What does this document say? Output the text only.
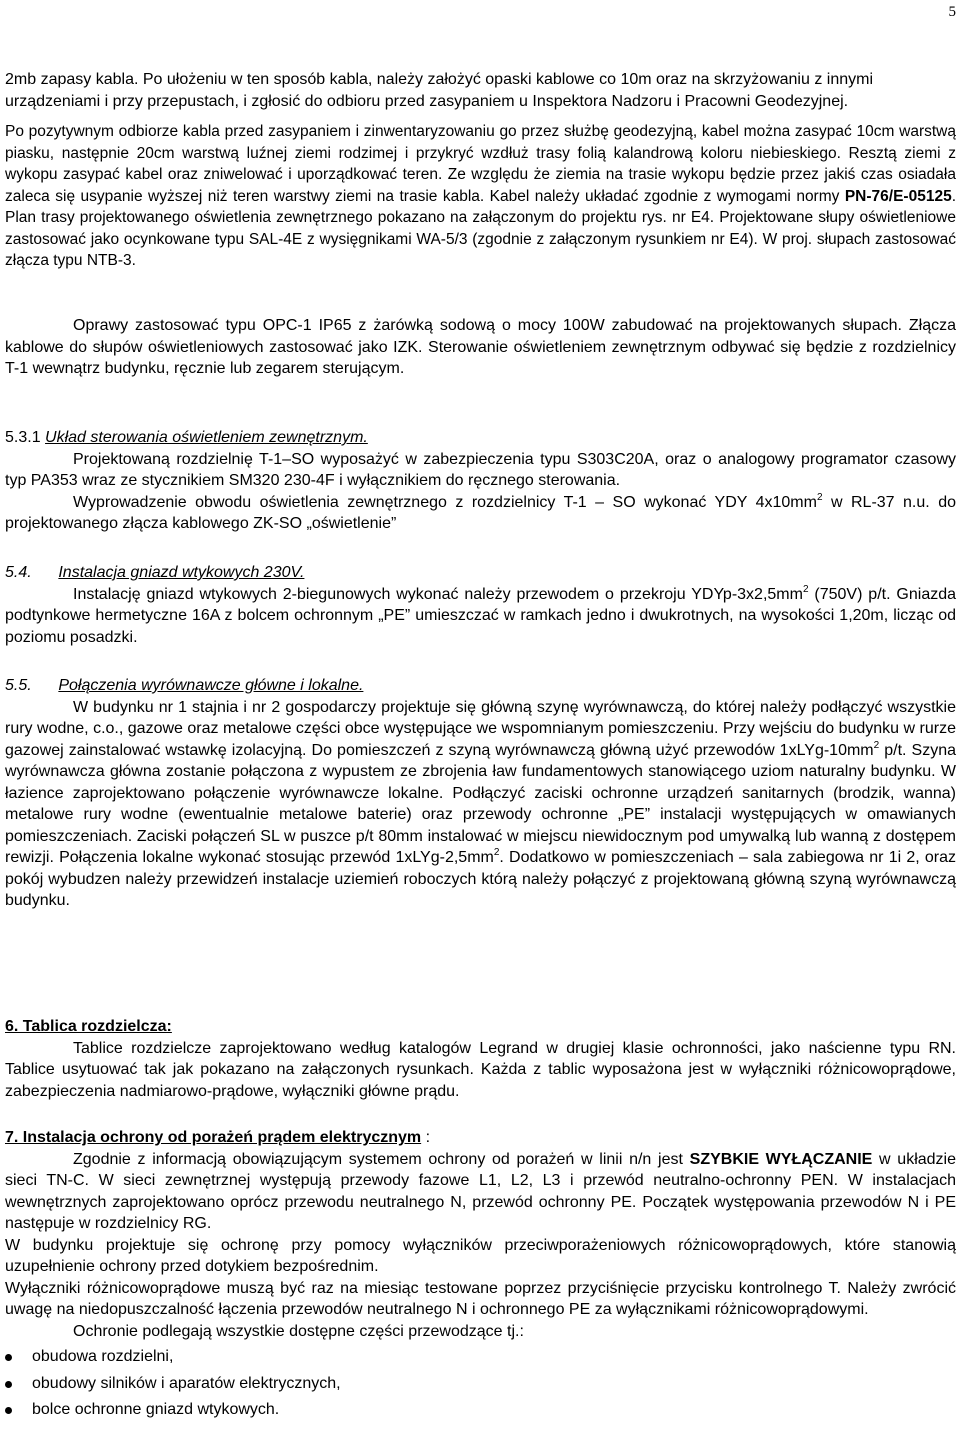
5

2mb zapasy kabla. Po ułożeniu w ten sposób kabla, należy założyć opaski kablowe co 10m oraz na skrzyżowaniu z innymi urządzeniami i przy przepustach, i zgłosić do odbioru przed zasypaniem u Inspektora Nadzoru i Pracowni Geodezyjnej.

Po pozytywnym odbiorze kabla przed zasypaniem i zinwentaryzowaniu go przez służbę geodezyjną, kabel można zasypać 10cm warstwą piasku, następnie 20cm warstwą luźnej ziemi rodzimej i przykryć wzdłuż trasy folią kalandrową koloru niebieskiego. Resztą ziemi z wykopu zasypać kabel oraz zniwelować i uporządkować teren. Ze względu że ziemia na trasie wykopu będzie przez jakiś czas osiadała zaleca się usypanie wyższej niż teren warstwy ziemi na trasie kabla. Kabel należy układać zgodnie z wymogami normy PN-76/E-05125. Plan trasy projektowanego oświetlenia zewnętrznego pokazano na załączonym do projektu rys. nr E4. Projektowane słupy oświetleniowe zastosować jako ocynkowane typu SAL-4E z wysięgnikami WA-5/3 (zgodnie z załączonym rysunkiem nr E4). W proj. słupach zastosować złącza typu NTB-3.

Oprawy zastosować typu OPC-1 IP65 z żarówką sodową o mocy 100W zabudować na projektowanych słupach. Złącza kablowe do słupów oświetleniowych zastosować jako IZK. Sterowanie oświetleniem zewnętrznym odbywać się będzie z rozdzielnicy T-1 wewnątrz budynku, ręcznie lub zegarem sterującym.

5.3.1 Układ sterowania oświetleniem zewnętrznym.

Projektowaną rozdzielnię T-1–SO wyposażyć w zabezpieczenia typu S303C20A, oraz o analogowy programator czasowy typ PA353 wraz ze stycznikiem SM320 230-4F i wyłącznikiem do ręcznego sterowania.

Wyprowadzenie obwodu oświetlenia zewnętrznego z rozdzielnicy T-1 – SO wykonać YDY $4x10mm^2$ w RL-37 n.u. do projektowanego złącza kablowego ZK-SO „oświetlenie”

5.4. Instalacja gniazd wtykowych 230V.

Instalację gniazd wtykowych 2-biegunowych wykonać należy przewodem o przekroju YDYp-$3x2,5mm^2$ (750V) p/t. Gniazda podtynkowe hermetyczne 16A z bolcem ochronnym „PE” umieszczać w ramkach jedno i dwukrotnych, na wysokości 1,20m, licząc od poziomu posadzki.

5.5. Połączenia wyrównawcze główne i lokalne.

W budynku nr 1 stajnia i nr 2 gospodarczy projektuje się główną szynę wyrównawczą, do której należy podłączyć wszystkie rury wodne, c.o., gazowe oraz metalowe części obce występujące we wspomnianym pomieszczeniu. Przy wejściu do budynku w rurze gazowej zainstalować wstawkę izolacyjną. Do pomieszczeń z szyną wyrównawczą główną użyć przewodów $1xLYg-10mm^2$ p/t. Szyna wyrównawcza główna zostanie połączona z wypustem ze zbrojenia ław fundamentowych stanowiącego uziom naturalny budynku. W łazience zaprojektowano połączenie wyrównawcze lokalne. Podłączyć zaciski ochronne urządzeń sanitarnych (brodzik, wanna) metalowe rury wodne (ewentualnie metalowe baterie) oraz przewody ochronne „PE” instalacji występujących w omawianych pomieszczeniach. Zaciski połączeń SL w puszce p/t 80mm instalować w miejscu niewidocznym pod umywalką lub wanną z dostępem rewizji. Połączenia lokalne wykonać stosując przewód $1xLYg-2,5mm^2$. Dodatkowo w pomieszczeniach – sala zabiegowa nr 1i 2, oraz pokój wybudzen należy przewidzeń instalacje uziemień roboczych którą należy połączyć z projektowaną główną szyną wyrównawczą budynku.

6. Tablica rozdzielcza:

Tablice rozdzielcze zaprojektowano według katalogów Legrand w drugiej klasie ochronności, jako naścienne typu RN. Tablice usytuować tak jak pokazano na załączonych rysunkach. Każda z tablic wyposażona jest w wyłączniki różnicowoprądowe, zabezpieczenia nadmiarowo-prądowe, wyłączniki główne prądu.

7. Instalacja ochrony od porażeń prądem elektrycznym :

Zgodnie z informacją obowiązującym systemem ochrony od porażeń w linii n/n jest SZYBKIE WYŁĄCZANIE w układzie sieci TN-C. W sieci zewnętrznej występują przewody fazowe L1, L2, L3 i przewód neutralno-ochronny PEN. W instalacjach wewnętrznych zaprojektowano oprócz przewodu neutralnego N, przewód ochronny PE. Początek występowania przewodów N i PE następuje w rozdzielnicy RG.

W budynku projektuje się ochronę przy pomocy wyłączników przeciwporażeniowych różnicowoprądowych, które stanowią uzupełnienie ochrony przed dotykiem bezpośrednim.

Wyłączniki różnicowoprądowe muszą być raz na miesiąc testowane poprzez przyciśnięcie przycisku kontrolnego T. Należy zwrócić uwagę na niedopuszczalność łączenia przewodów neutralnego N i ochronnego PE za wyłącznikami różnicowoprądowymi.

Ochronie podlegają wszystkie dostępne części przewodzące tj.:

obudowa rozdzielni,
obudowy silników i aparatów elektrycznych,
bolce ochronne gniazd wtykowych.
